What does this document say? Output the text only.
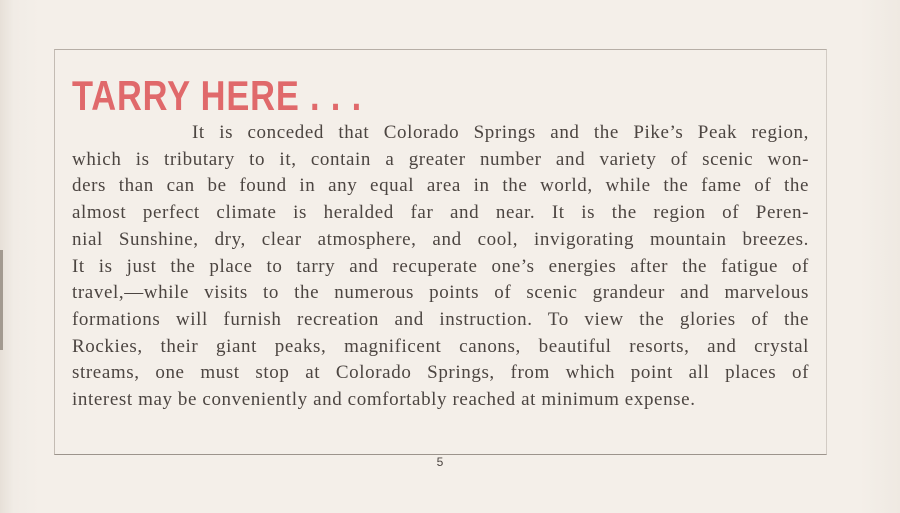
TARRY HERE . . .
It is conceded that Colorado Springs and the Pike’s Peak region,
which is tributary to it, contain a greater number and variety of scenic won-
ders than can be found in any equal area in the world, while the fame of the
almost perfect climate is heralded far and near. It is the region of Peren-
nial Sunshine, dry, clear atmosphere, and cool, invigorating mountain breezes.
It is just the place to tarry and recuperate one’s energies after the fatigue of
travel,—while visits to the numerous points of scenic grandeur and marvelous
formations will furnish recreation and instruction. To view the glories of the
Rockies, their giant peaks, magnificent canons, beautiful resorts, and crystal
streams, one must stop at Colorado Springs, from which point all places of
interest may be conveniently and comfortably reached at minimum expense.
5
